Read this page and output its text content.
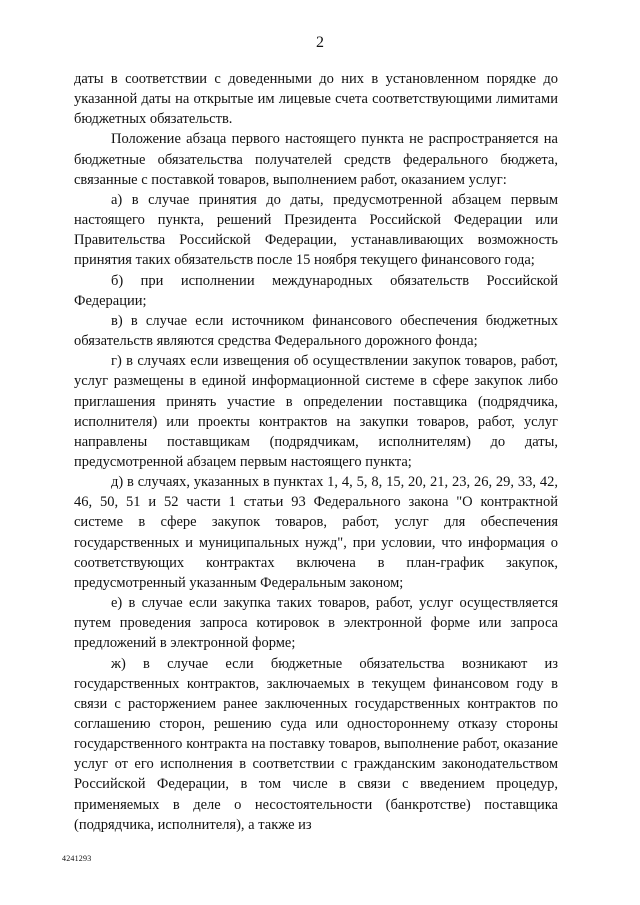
2

даты в соответствии с доведенными до них в установленном порядке до указанной даты на открытые им лицевые счета соответствующими лимитами бюджетных обязательств.

Положение абзаца первого настоящего пункта не распространяется на бюджетные обязательства получателей средств федерального бюджета, связанные с поставкой товаров, выполнением работ, оказанием услуг:

а) в случае принятия до даты, предусмотренной абзацем первым настоящего пункта, решений Президента Российской Федерации или Правительства Российской Федерации, устанавливающих возможность принятия таких обязательств после 15 ноября текущего финансового года;

б) при исполнении международных обязательств Российской Федерации;

в) в случае если источником финансового обеспечения бюджетных обязательств являются средства Федерального дорожного фонда;

г) в случаях если извещения об осуществлении закупок товаров, работ, услуг размещены в единой информационной системе в сфере закупок либо приглашения принять участие в определении поставщика (подрядчика, исполнителя) или проекты контрактов на закупки товаров, работ, услуг направлены поставщикам (подрядчикам, исполнителям) до даты, предусмотренной абзацем первым настоящего пункта;

д) в случаях, указанных в пунктах 1, 4, 5, 8, 15, 20, 21, 23, 26, 29, 33, 42, 46, 50, 51 и 52 части 1 статьи 93 Федерального закона "О контрактной системе в сфере закупок товаров, работ, услуг для обеспечения государственных и муниципальных нужд", при условии, что информация о соответствующих контрактах включена в план-график закупок, предусмотренный указанным Федеральным законом;

е) в случае если закупка таких товаров, работ, услуг осуществляется путем проведения запроса котировок в электронной форме или запроса предложений в электронной форме;

ж) в случае если бюджетные обязательства возникают из государственных контрактов, заключаемых в текущем финансовом году в связи с расторжением ранее заключенных государственных контрактов по соглашению сторон, решению суда или одностороннему отказу стороны государственного контракта на поставку товаров, выполнение работ, оказание услуг от его исполнения в соответствии с гражданским законодательством Российской Федерации, в том числе в связи с введением процедур, применяемых в деле о несостоятельности (банкротстве) поставщика (подрядчика, исполнителя), а также из

4241293
